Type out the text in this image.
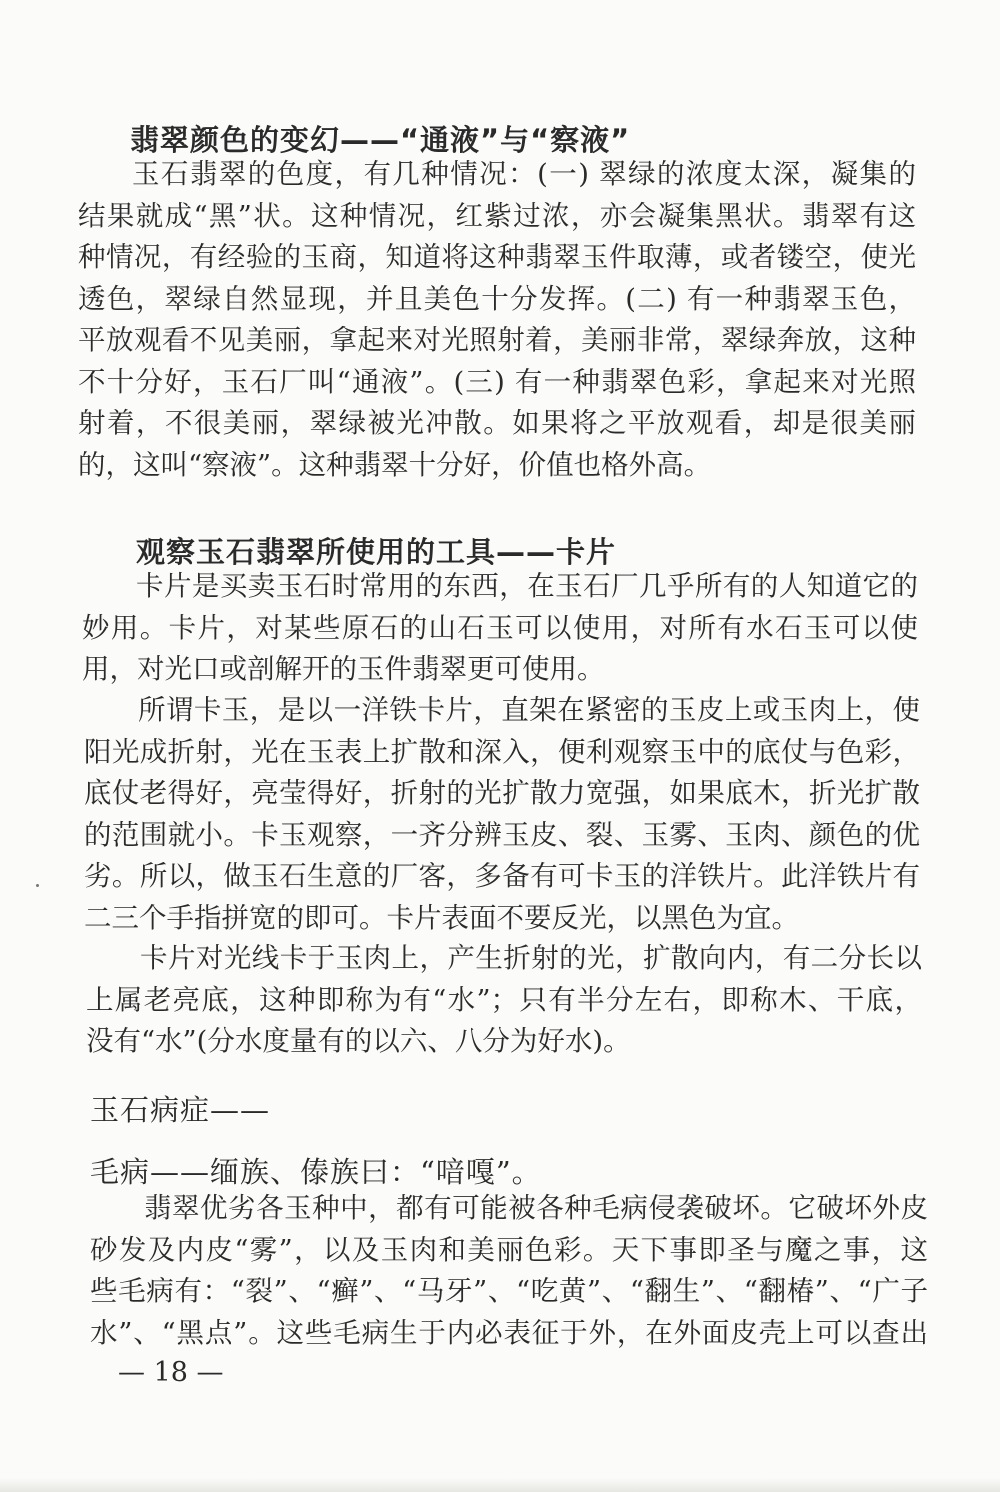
翡翠颜色的变幻——“通液”与“察液”
玉石翡翠的色度，有几种情况：(一) 翠绿的浓度太深，凝集的
结果就成“黑”状。这种情况，红紫过浓，亦会凝集黑状。翡翠有这
种情况，有经验的玉商，知道将这种翡翠玉件取薄，或者镂空，使光
透色，翠绿自然显现，并且美色十分发挥。(二) 有一种翡翠玉色，
平放观看不见美丽，拿起来对光照射着，美丽非常，翠绿奔放，这种
不十分好，玉石厂叫“通液”。(三) 有一种翡翠色彩，拿起来对光照
射着，不很美丽，翠绿被光冲散。如果将之平放观看，却是很美丽
的，这叫“察液”。这种翡翠十分好，价值也格外高。
观察玉石翡翠所使用的工具——卡片
卡片是买卖玉石时常用的东西，在玉石厂几乎所有的人知道它的
妙用。卡片，对某些原石的山石玉可以使用，对所有水石玉可以使
用，对光口或剖解开的玉件翡翠更可使用。
所谓卡玉，是以一洋铁卡片，直架在紧密的玉皮上或玉肉上，使
阳光成折射，光在玉表上扩散和深入，便利观察玉中的底仗与色彩，
底仗老得好，亮莹得好，折射的光扩散力宽强，如果底木，折光扩散
的范围就小。卡玉观察，一齐分辨玉皮、裂、玉雾、玉肉、颜色的优
劣。所以，做玉石生意的厂客，多备有可卡玉的洋铁片。此洋铁片有
二三个手指拼宽的即可。卡片表面不要反光，以黑色为宜。
卡片对光线卡于玉肉上，产生折射的光，扩散向内，有二分长以
上属老亮底，这种即称为有“水”；只有半分左右，即称木、干底，
没有“水”(分水度量有的以六、八分为好水)。
玉石病症——
毛病——缅族、傣族曰：“喑嘎”。
翡翠优劣各玉种中，都有可能被各种毛病侵袭破坏。它破坏外皮
砂发及内皮“雾”，以及玉肉和美丽色彩。天下事即圣与魔之事，这
些毛病有：“裂”、“癣”、“马牙”、“吃黄”、“翻生”、“翻椿”、“广子
水”、“黑点”。这些毛病生于内必表征于外，在外面皮壳上可以查出
— 18 —
